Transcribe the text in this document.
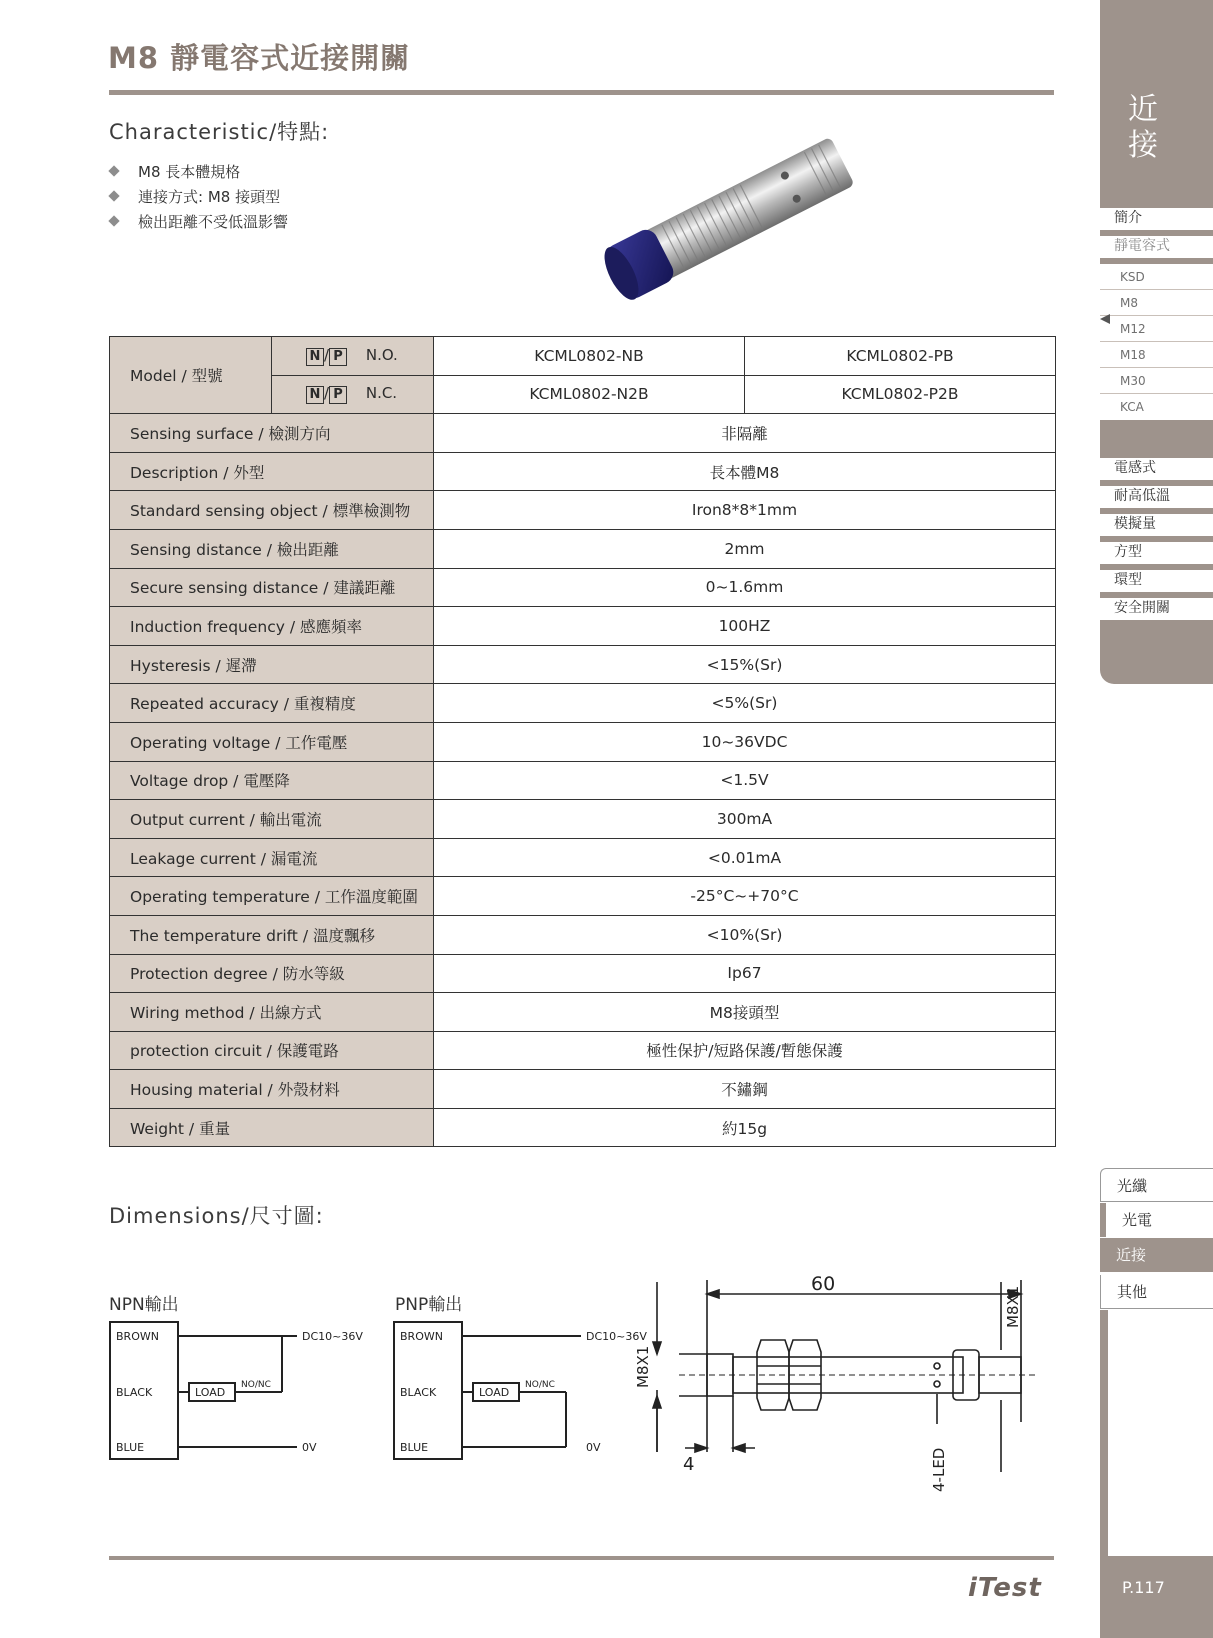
M8 靜電容式近接開關
Characteristic/特點:
M8 長本體規格
連接方式: M8 接頭型
檢出距離不受低溫影響
Model / 型號	N / P N.O.	KCML0802-NB	KCML0802-PB
	N / P N.C.	KCML0802-N2B	KCML0802-P2B
Sensing surface / 檢測方向		非隔離	
Description / 外型		長本體M8	
Standard sensing object / 標準檢測物		Iron8*8*1mm	
Sensing distance / 檢出距離		2mm	
Secure sensing distance / 建議距離		0~1.6mm	
Induction frequency / 感應頻率		100HZ	
Hysteresis / 遲滯		<15%(Sr)	
Repeated accuracy / 重複精度		<5%(Sr)	
Operating voltage / 工作電壓		10~36VDC	
Voltage drop / 電壓降		<1.5V	
Output current / 輸出電流		300mA	
Leakage current / 漏電流		<0.01mA	
Operating temperature / 工作溫度範圍		-25°C~+70°C	
The temperature drift / 溫度飄移		<10%(Sr)	
Protection degree / 防水等級		Ip67	
Wiring method / 出線方式		M8接頭型	
protection circuit / 保護電路		極性保护/短路保護/暫態保護	
Housing material / 外殼材料		不鏽鋼	
Weight / 重量		約15g	
Dimensions/尺寸圖:
NPN輸出	PNP輸出
BROWN
BLACK
BLUE
LOAD
NO/NC
DC10~36V
0V
BROWN
BLACK
BLUE
LOAD
NO/NC
DC10~36V
0V
60
M8X1
M8X1
4	4-LED
近
接
簡介
靜電容式
KSD
M8
M12
M18
M30
KCA
電感式
耐高低溫
模擬量
方型
環型
安全開關
光纖
光電
近接
其他
P.117
iTest
